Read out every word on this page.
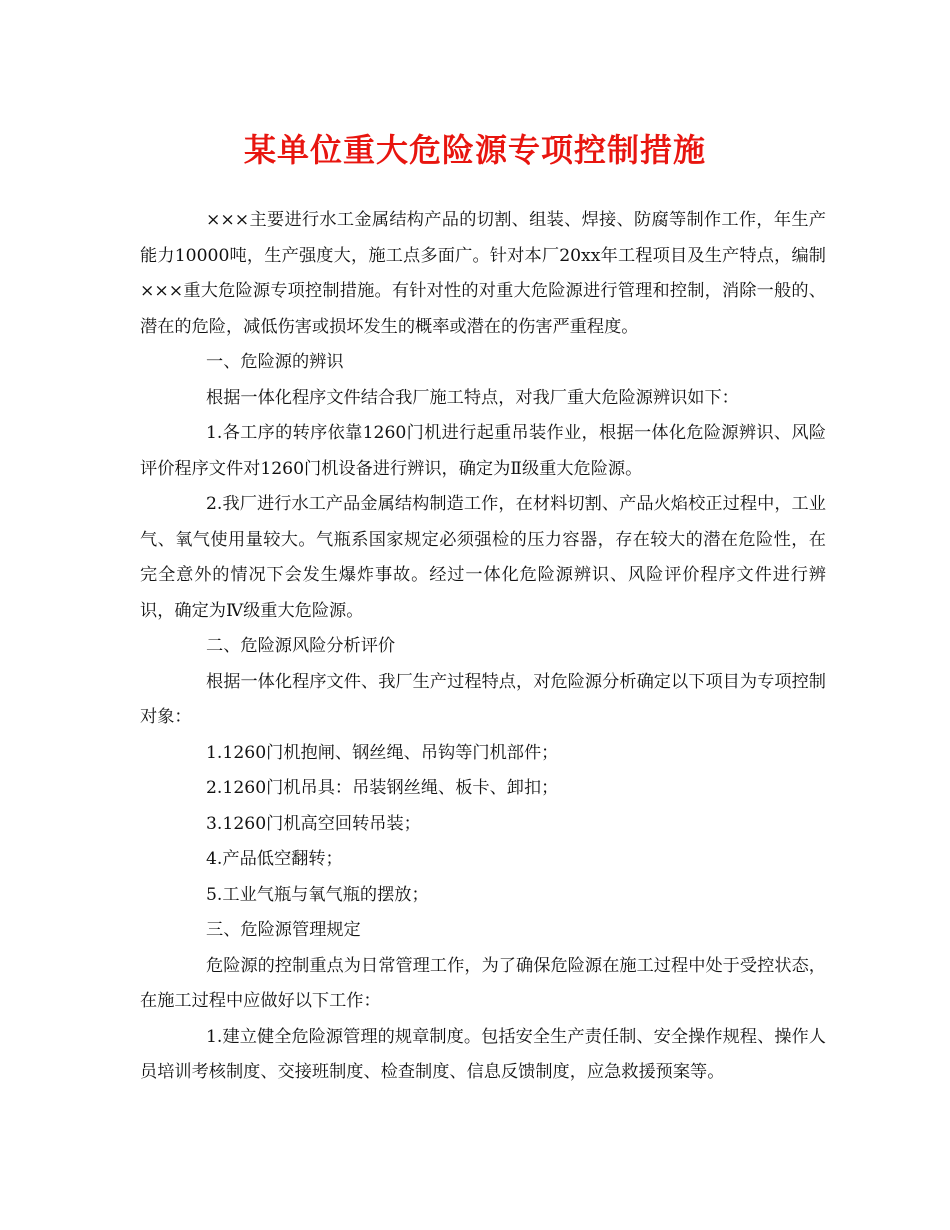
某单位重大危险源专项控制措施

×××主要进行水工金属结构产品的切割、组装、焊接、防腐等制作工作，年生产能力10000吨，生产强度大，施工点多面广。针对本厂20xx年工程项目及生产特点，编制×××重大危险源专项控制措施。有针对性的对重大危险源进行管理和控制，消除一般的、潜在的危险，减低伤害或损坏发生的概率或潜在的伤害严重程度。

一、危险源的辨识

根据一体化程序文件结合我厂施工特点，对我厂重大危险源辨识如下：

1.各工序的转序依靠1260门机进行起重吊装作业，根据一体化危险源辨识、风险评价程序文件对1260门机设备进行辨识，确定为Ⅱ级重大危险源。

2.我厂进行水工产品金属结构制造工作，在材料切割、产品火焰校正过程中，工业气、氧气使用量较大。气瓶系国家规定必须强检的压力容器，存在较大的潜在危险性，在完全意外的情况下会发生爆炸事故。经过一体化危险源辨识、风险评价程序文件进行辨识，确定为Ⅳ级重大危险源。

二、危险源风险分析评价

根据一体化程序文件、我厂生产过程特点，对危险源分析确定以下项目为专项控制对象：

1.1260门机抱闸、钢丝绳、吊钩等门机部件；

2.1260门机吊具：吊装钢丝绳、板卡、卸扣；

3.1260门机高空回转吊装；

4.产品低空翻转；

5.工业气瓶与氧气瓶的摆放；

三、危险源管理规定

危险源的控制重点为日常管理工作，为了确保危险源在施工过程中处于受控状态，在施工过程中应做好以下工作：

1.建立健全危险源管理的规章制度。包括安全生产责任制、安全操作规程、操作人员培训考核制度、交接班制度、检查制度、信息反馈制度，应急救援预案等。
